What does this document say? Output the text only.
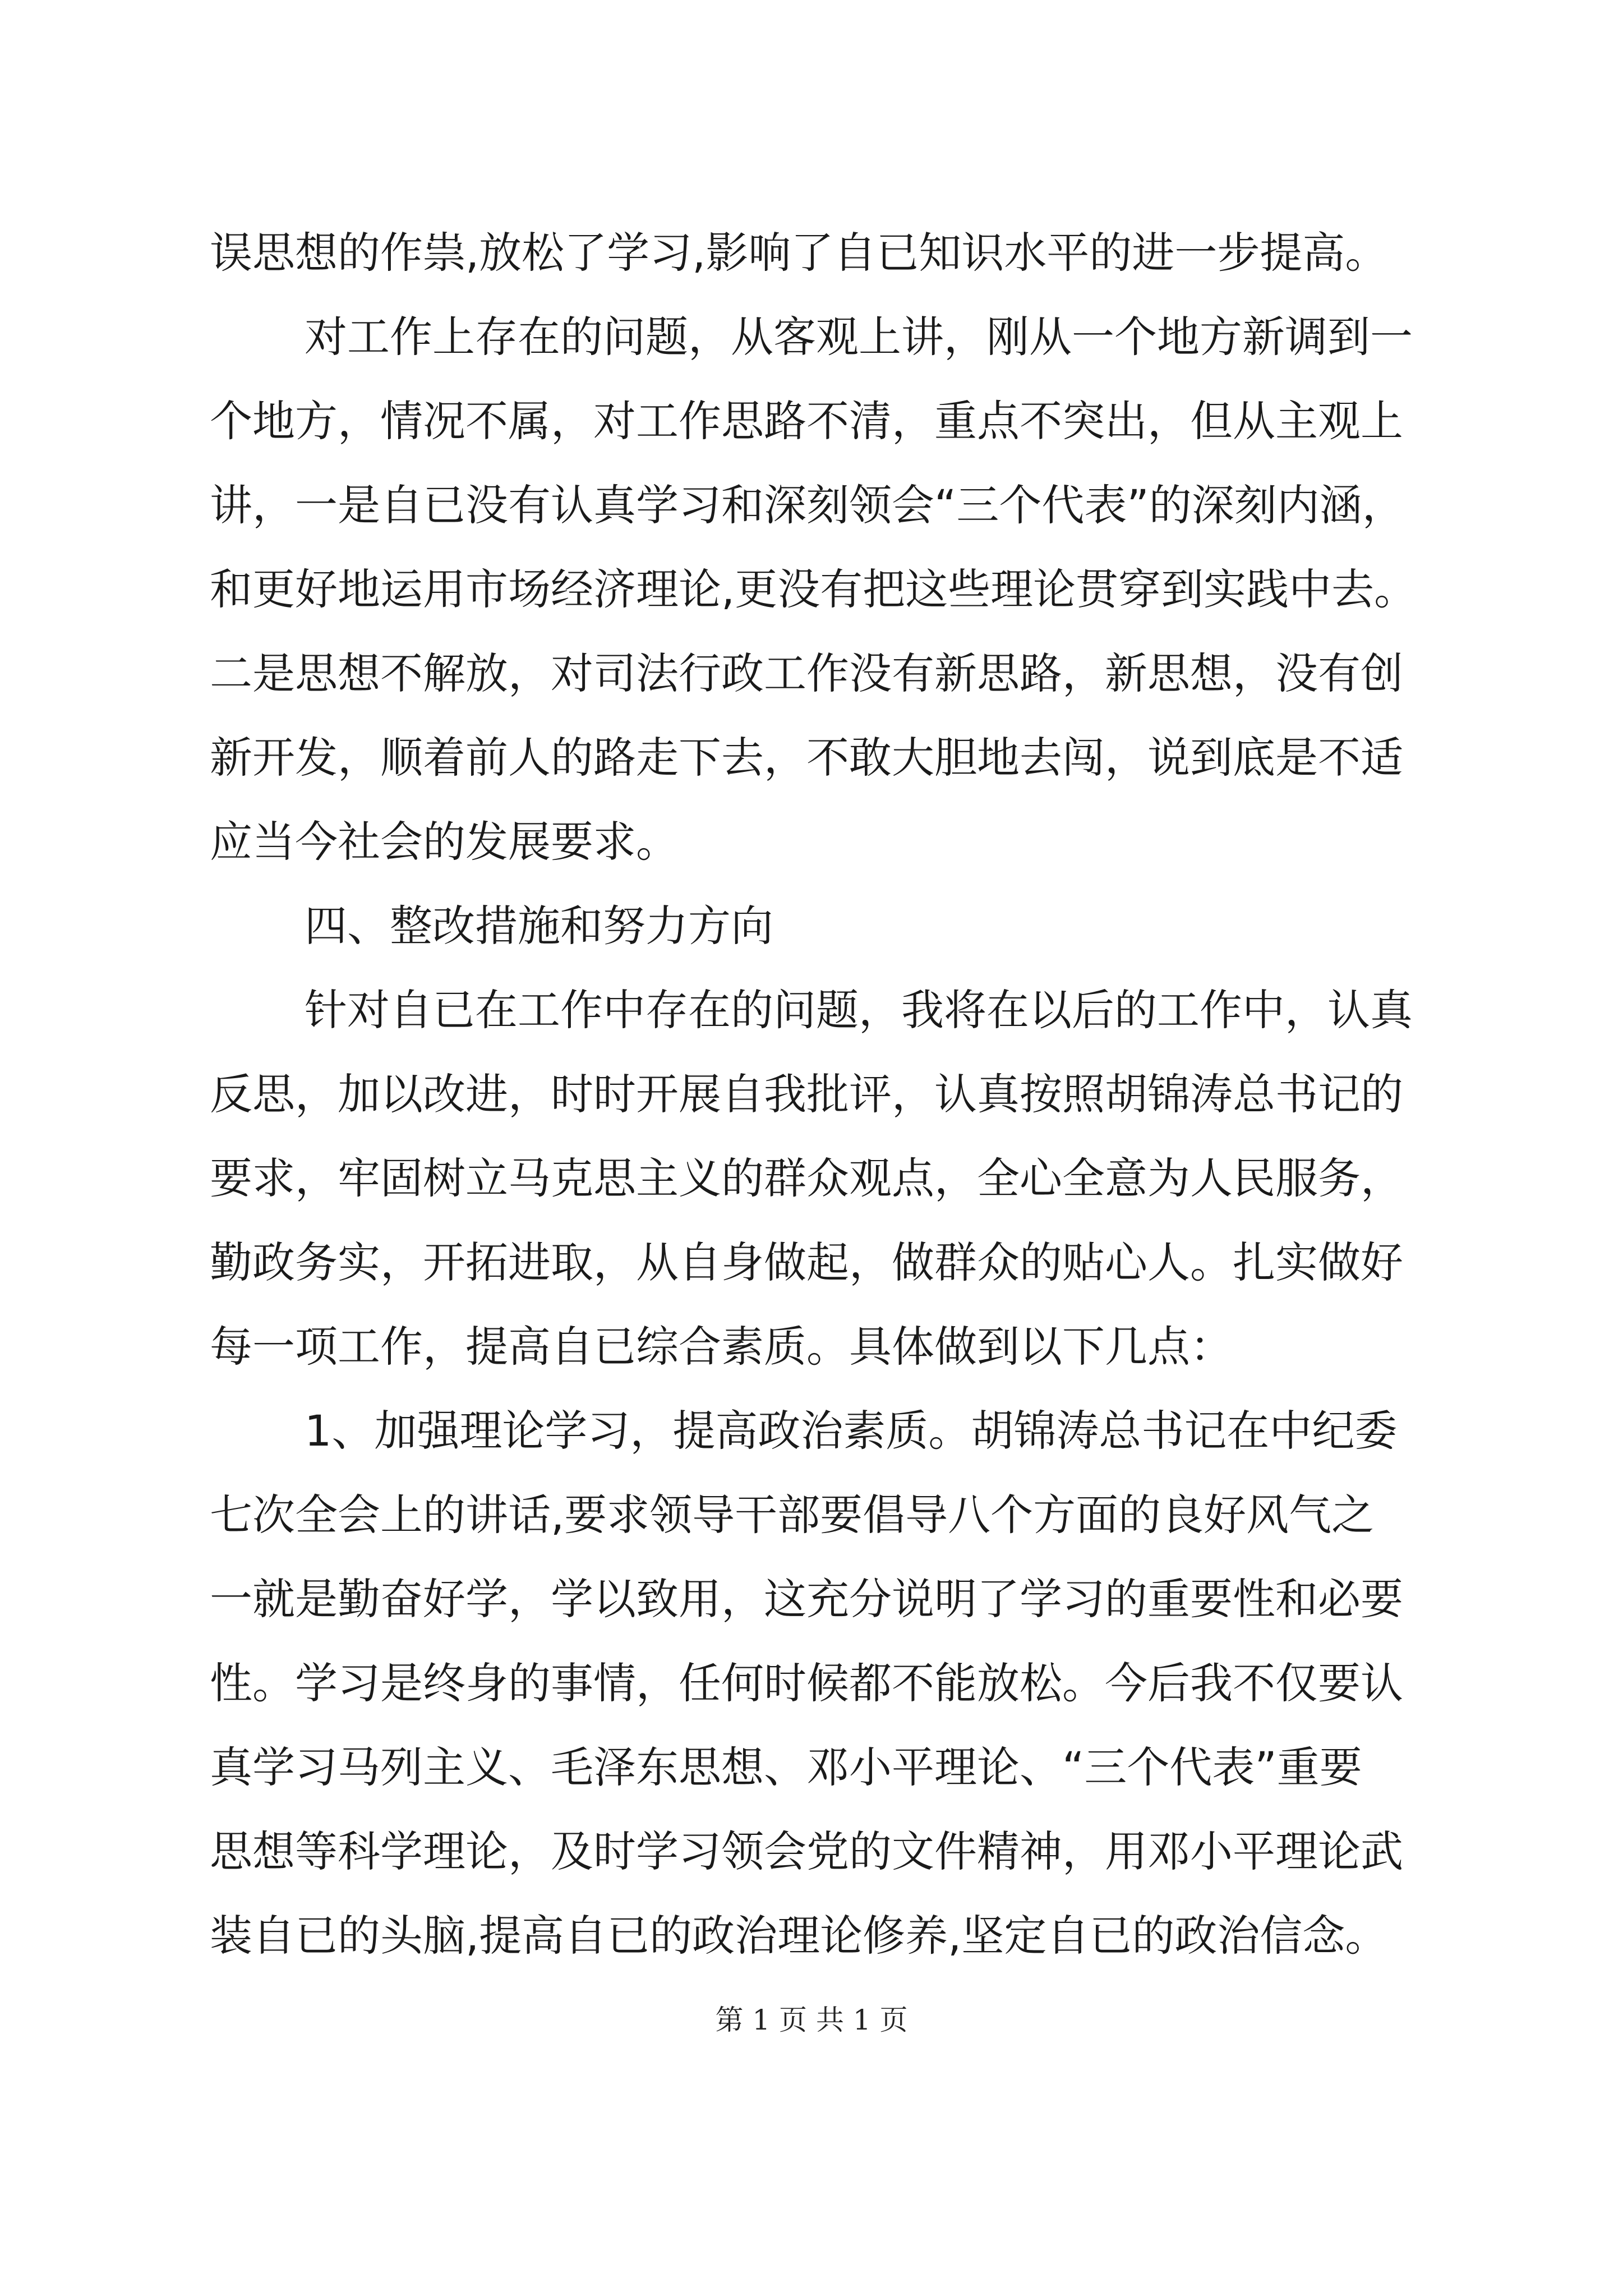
误思想的作祟,放松了学习,影响了自已知识水平的进一步提高。

对工作上存在的问题，从客观上讲，刚从一个地方新调到一

个地方，情况不属，对工作思路不清，重点不突出，但从主观上

讲，一是自已没有认真学习和深刻领会“三个代表”的深刻内涵，

和更好地运用市场经济理论,更没有把这些理论贯穿到实践中去。

二是思想不解放，对司法行政工作没有新思路，新思想，没有创

新开发，顺着前人的路走下去，不敢大胆地去闯，说到底是不适

应当今社会的发展要求。

四、整改措施和努力方向

针对自已在工作中存在的问题，我将在以后的工作中，认真

反思，加以改进，时时开展自我批评，认真按照胡锦涛总书记的

要求，牢固树立马克思主义的群众观点，全心全意为人民服务，

勤政务实，开拓进取，从自身做起，做群众的贴心人。扎实做好

每一项工作，提高自已综合素质。具体做到以下几点：

1、加强理论学习，提高政治素质。胡锦涛总书记在中纪委

七次全会上的讲话,要求领导干部要倡导八个方面的良好风气之

一就是勤奋好学，学以致用，这充分说明了学习的重要性和必要

性。学习是终身的事情，任何时候都不能放松。今后我不仅要认

真学习马列主义、毛泽东思想、邓小平理论、“三个代表”重要

思想等科学理论，及时学习领会党的文件精神，用邓小平理论武

装自已的头脑,提高自已的政治理论修养,坚定自已的政治信念。

第 1 页 共 1 页
